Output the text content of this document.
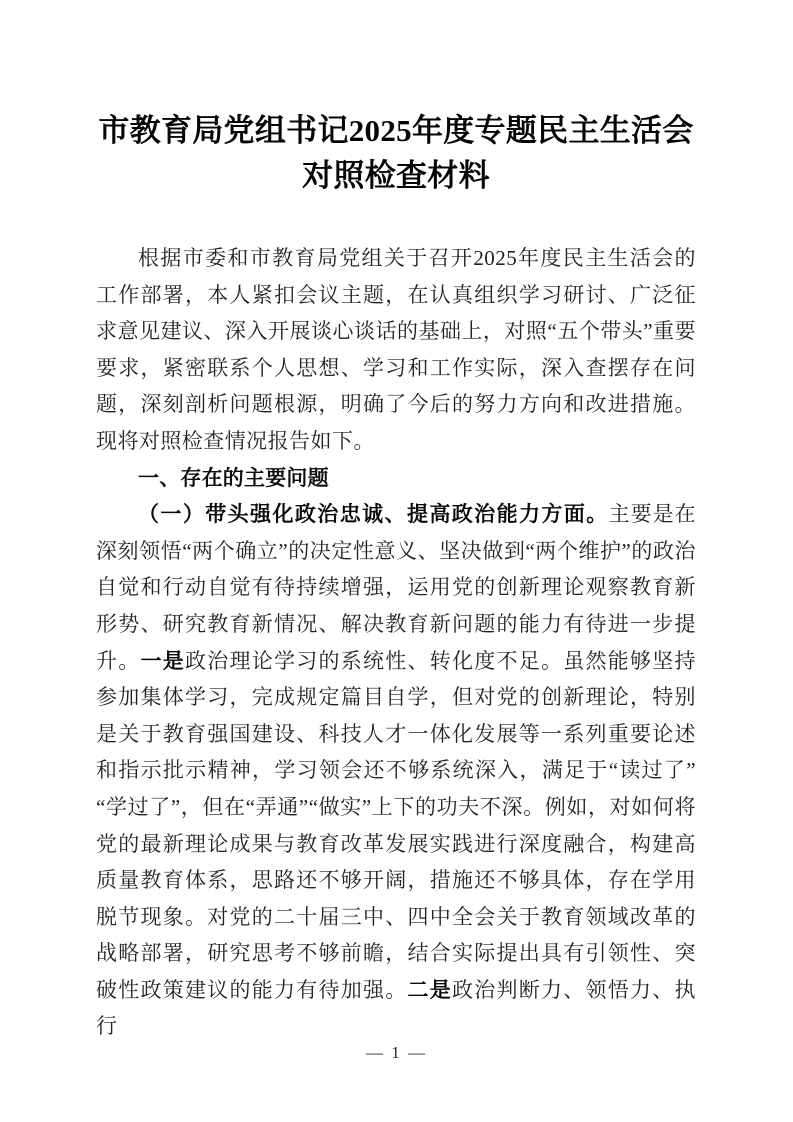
市教育局党组书记2025年度专题民主生活会对照检查材料

根据市委和市教育局党组关于召开2025年度民主生活会的工作部署，本人紧扣会议主题，在认真组织学习研讨、广泛征求意见建议、深入开展谈心谈话的基础上，对照“五个带头”重要要求，紧密联系个人思想、学习和工作实际，深入查摆存在问题，深刻剖析问题根源，明确了今后的努力方向和改进措施。现将对照检查情况报告如下。

一、存在的主要问题

（一）带头强化政治忠诚、提高政治能力方面。主要是在深刻领悟“两个确立”的决定性意义、坚决做到“两个维护”的政治自觉和行动自觉有待持续增强，运用党的创新理论观察教育新形势、研究教育新情况、解决教育新问题的能力有待进一步提升。一是政治理论学习的系统性、转化度不足。虽然能够坚持参加集体学习，完成规定篇目自学，但对党的创新理论，特别是关于教育强国建设、科技人才一体化发展等一系列重要论述和指示批示精神，学习领会还不够系统深入，满足于“读过了”“学过了”，但在“弄通”“做实”上下的功夫不深。例如，对如何将党的最新理论成果与教育改革发展实践进行深度融合，构建高质量教育体系，思路还不够开阔，措施还不够具体，存在学用脱节现象。对党的二十届三中、四中全会关于教育领域改革的战略部署，研究思考不够前瞻，结合实际提出具有引领性、突破性政策建议的能力有待加强。二是政治判断力、领悟力、执行

— 1 —
